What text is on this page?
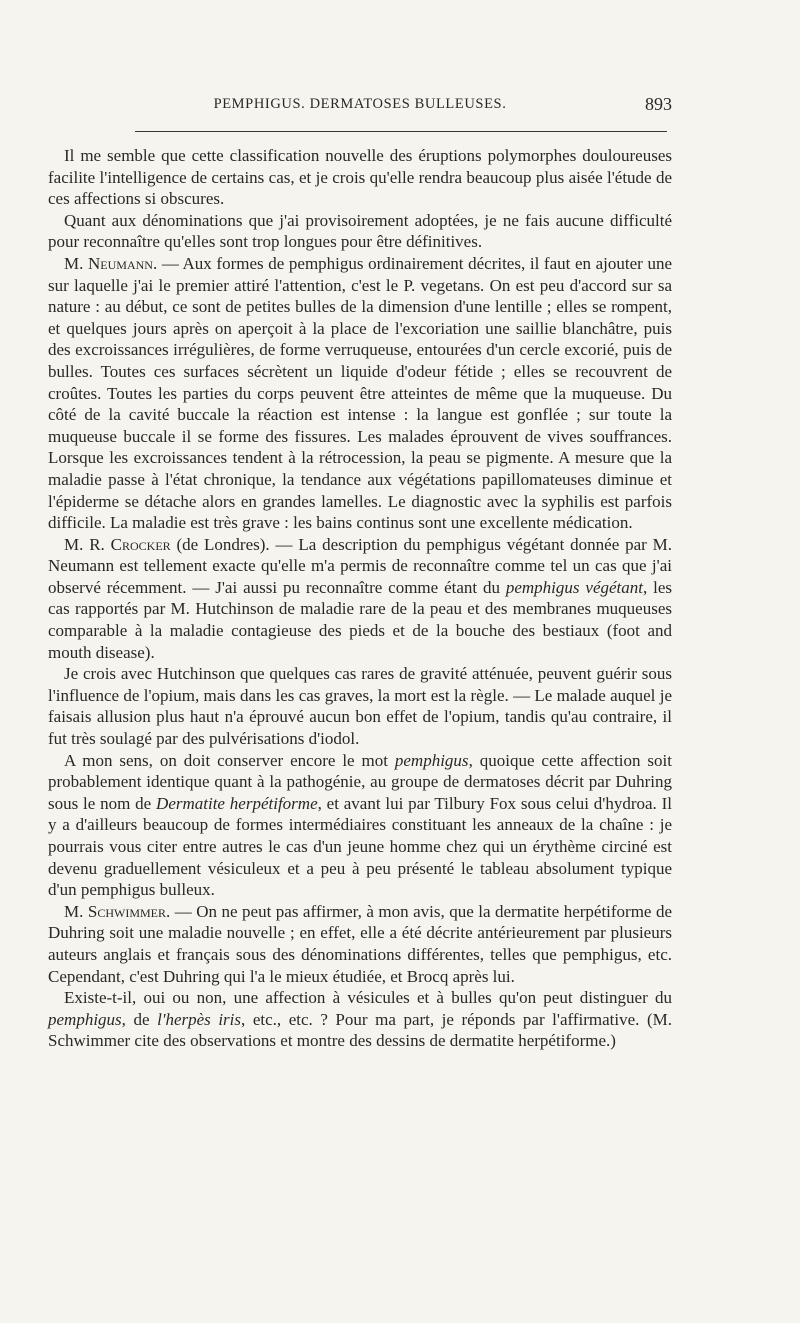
PEMPHIGUS. DERMATOSES BULLEUSES.	893

Il me semble que cette classification nouvelle des éruptions polymorphes douloureuses facilite l'intelligence de certains cas, et je crois qu'elle rendra beaucoup plus aisée l'étude de ces affections si obscures.

Quant aux dénominations que j'ai provisoirement adoptées, je ne fais aucune difficulté pour reconnaître qu'elles sont trop longues pour être définitives.

M. Neumann. — Aux formes de pemphigus ordinairement décrites, il faut en ajouter une sur laquelle j'ai le premier attiré l'attention, c'est le P. vegetans. On est peu d'accord sur sa nature : au début, ce sont de petites bulles de la dimension d'une lentille ; elles se rompent, et quelques jours après on aperçoit à la place de l'excoriation une saillie blanchâtre, puis des excroissances irrégulières, de forme verruqueuse, entourées d'un cercle excorié, puis de bulles. Toutes ces surfaces sécrètent un liquide d'odeur fétide ; elles se recouvrent de croûtes. Toutes les parties du corps peuvent être atteintes de même que la muqueuse. Du côté de la cavité buccale la réaction est intense : la langue est gonflée ; sur toute la muqueuse buccale il se forme des fissures. Les malades éprouvent de vives souffrances. Lorsque les excroissances tendent à la rétrocession, la peau se pigmente. A mesure que la maladie passe à l'état chronique, la tendance aux végétations papillomateuses diminue et l'épiderme se détache alors en grandes lamelles. Le diagnostic avec la syphilis est parfois difficile. La maladie est très grave : les bains continus sont une excellente médication.

M. R. Crocker (de Londres). — La description du pemphigus végétant donnée par M. Neumann est tellement exacte qu'elle m'a permis de reconnaître comme tel un cas que j'ai observé récemment. — J'ai aussi pu reconnaître comme étant du pemphigus végétant, les cas rapportés par M. Hutchinson de maladie rare de la peau et des membranes muqueuses comparable à la maladie contagieuse des pieds et de la bouche des bestiaux (foot and mouth disease).

Je crois avec Hutchinson que quelques cas rares de gravité atténuée, peuvent guérir sous l'influence de l'opium, mais dans les cas graves, la mort est la règle. — Le malade auquel je faisais allusion plus haut n'a éprouvé aucun bon effet de l'opium, tandis qu'au contraire, il fut très soulagé par des pulvérisations d'iodol.

A mon sens, on doit conserver encore le mot pemphigus, quoique cette affection soit probablement identique quant à la pathogénie, au groupe de dermatoses décrit par Duhring sous le nom de Dermatite herpétiforme, et avant lui par Tilbury Fox sous celui d'hydroa. Il y a d'ailleurs beaucoup de formes intermédiaires constituant les anneaux de la chaîne : je pourrais vous citer entre autres le cas d'un jeune homme chez qui un érythème circiné est devenu graduellement vésiculeux et a peu à peu présenté le tableau absolument typique d'un pemphigus bulleux.

M. Schwimmer. — On ne peut pas affirmer, à mon avis, que la dermatite herpétiforme de Duhring soit une maladie nouvelle ; en effet, elle a été décrite antérieurement par plusieurs auteurs anglais et français sous des dénominations différentes, telles que pemphigus, etc. Cependant, c'est Duhring qui l'a le mieux étudiée, et Brocq après lui.

Existe-t-il, oui ou non, une affection à vésicules et à bulles qu'on peut distinguer du pemphigus, de l'herpès iris, etc., etc. ? Pour ma part, je réponds par l'affirmative. (M. Schwimmer cite des observations et montre des dessins de dermatite herpétiforme.)
